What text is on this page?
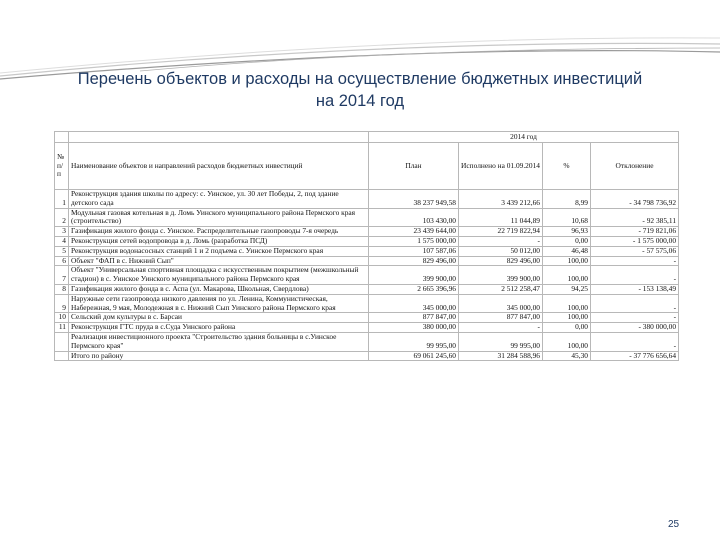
Перечень объектов и расходы на осуществление бюджетных инвестиций
на 2014 год
		2014 год			
№ п/п	Наименование объектов и направлений расходов бюджетных инвестиций	План	Исполнено на 01.09.2014	%	Отклонение
1	Реконструкция здания школы по адресу: с. Уинское, ул. 30 лет Победы, 2, под здание детского сада	38 237 949,58	3 439 212,66	8,99	- 34 798 736,92
2	Модульная газовая котельная в д. Ломь Уинского муниципального района Пермского края (строительство)	103 430,00	11 044,89	10,68	- 92 385,11
3	Газификация жилого фонда с. Уинское. Распределительные газопроводы 7-я очередь	23 439 644,00	22 719 822,94	96,93	- 719 821,06
4	Реконструкция сетей водопровода в д. Ломь (разработка ПСД)	1 575 000,00	-	0,00	- 1 575 000,00
5	Реконструкция водонасосных станций 1 и 2 подъема с. Уинское Пермского края	107 587,06	50 012,00	46,48	- 57 575,06
6	Объект "ФАП в с. Нижний Сып"	829 496,00	829 496,00	100,00	-
7	Объект "Универсальная спортивная площадка с искусственным покрытием (межшкольный стадион) в с. Уинское Уинского муниципального района Пермского края	399 900,00	399 900,00	100,00	-
8	Газификация жилого фонда в с. Аспа (ул. Макарова, Школьная, Свердлова)	2 665 396,96	2 512 258,47	94,25	- 153 138,49
9	Наружные сети газопровода низкого давления по ул. Ленина, Коммунистическая, Набережная, 9 мая, Молодежная в с. Нижний Сып Уинского района Пермского края	345 000,00	345 000,00	100,00	-
10	Сельский дом культуры в с. Барсаи	877 847,00	877 847,00	100,00	-
11	Реконструкция ГТС пруда в с.Суда Уинского района	380 000,00	-	0,00	- 380 000,00
	Реализация инвестиционного проекта "Строительство здания больницы в с.Уинское Пермского края"	99 995,00	99 995,00	100,00	-
	Итого по району	69 061 245,60	31 284 588,96	45,30	- 37 776 656,64
25
